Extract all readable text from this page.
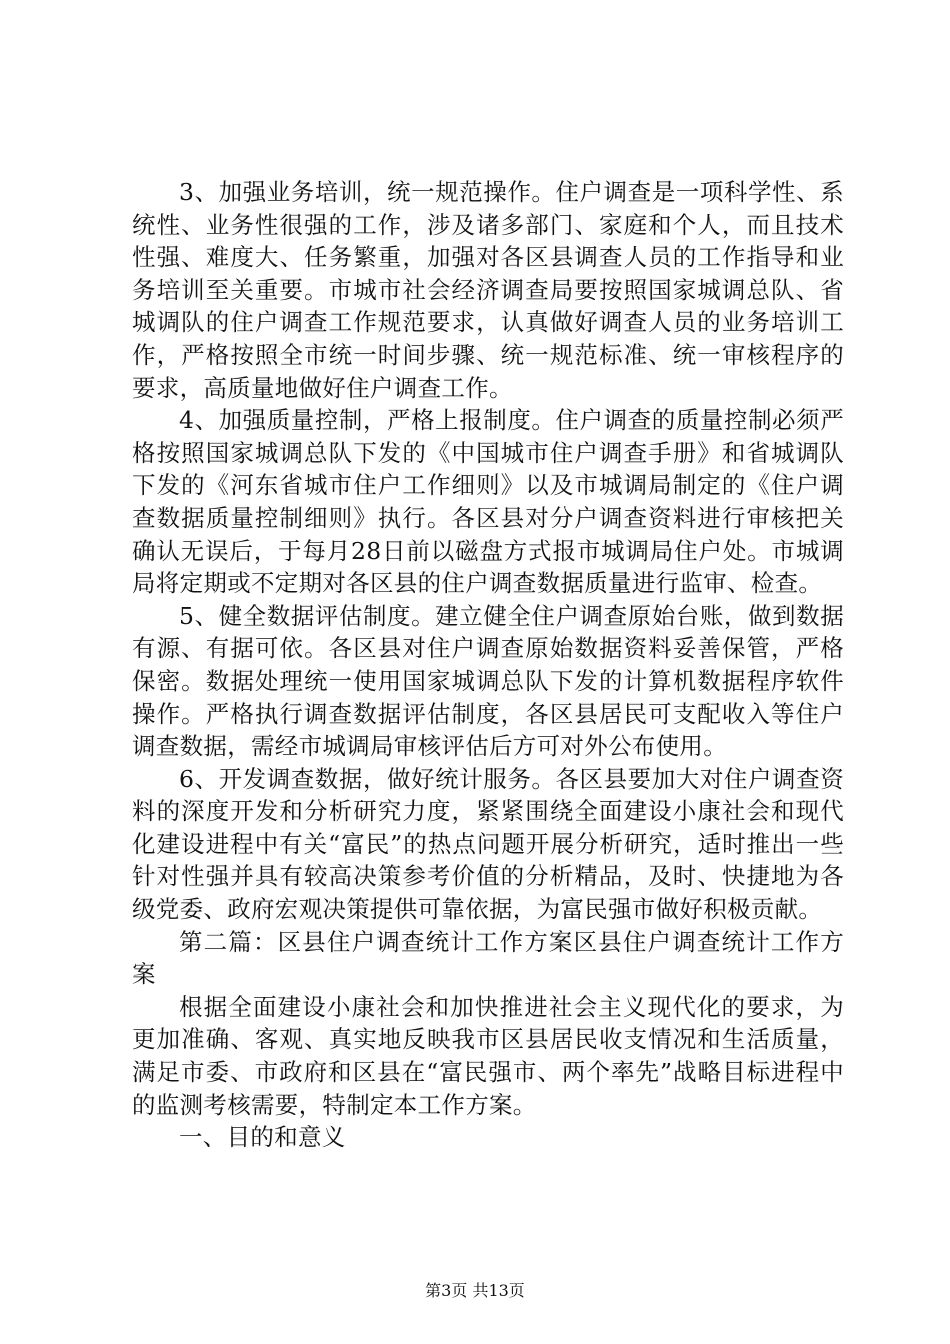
3、加强业务培训，统一规范操作。住户调查是一项科学性、系统性、业务性很强的工作，涉及诸多部门、家庭和个人，而且技术性强、难度大、任务繁重，加强对各区县调查人员的工作指导和业务培训至关重要。市城市社会经济调查局要按照国家城调总队、省城调队的住户调查工作规范要求，认真做好调查人员的业务培训工作，严格按照全市统一时间步骤、统一规范标准、统一审核程序的要求，高质量地做好住户调查工作。

4、加强质量控制，严格上报制度。住户调查的质量控制必须严格按照国家城调总队下发的《中国城市住户调查手册》和省城调队下发的《河东省城市住户工作细则》以及市城调局制定的《住户调查数据质量控制细则》执行。各区县对分户调查资料进行审核把关确认无误后，于每月28日前以磁盘方式报市城调局住户处。市城调局将定期或不定期对各区县的住户调查数据质量进行监审、检查。

5、健全数据评估制度。建立健全住户调查原始台账，做到数据有源、有据可依。各区县对住户调查原始数据资料妥善保管，严格保密。数据处理统一使用国家城调总队下发的计算机数据程序软件操作。严格执行调查数据评估制度，各区县居民可支配收入等住户调查数据，需经市城调局审核评估后方可对外公布使用。

6、开发调查数据，做好统计服务。各区县要加大对住户调查资料的深度开发和分析研究力度，紧紧围绕全面建设小康社会和现代化建设进程中有关“富民”的热点问题开展分析研究，适时推出一些针对性强并具有较高决策参考价值的分析精品，及时、快捷地为各级党委、政府宏观决策提供可靠依据，为富民强市做好积极贡献。

第二篇：区县住户调查统计工作方案区县住户调查统计工作方案

根据全面建设小康社会和加快推进社会主义现代化的要求，为更加准确、客观、真实地反映我市区县居民收支情况和生活质量，满足市委、市政府和区县在“富民强市、两个率先”战略目标进程中的监测考核需要，特制定本工作方案。

一、目的和意义

第3页 共13页
